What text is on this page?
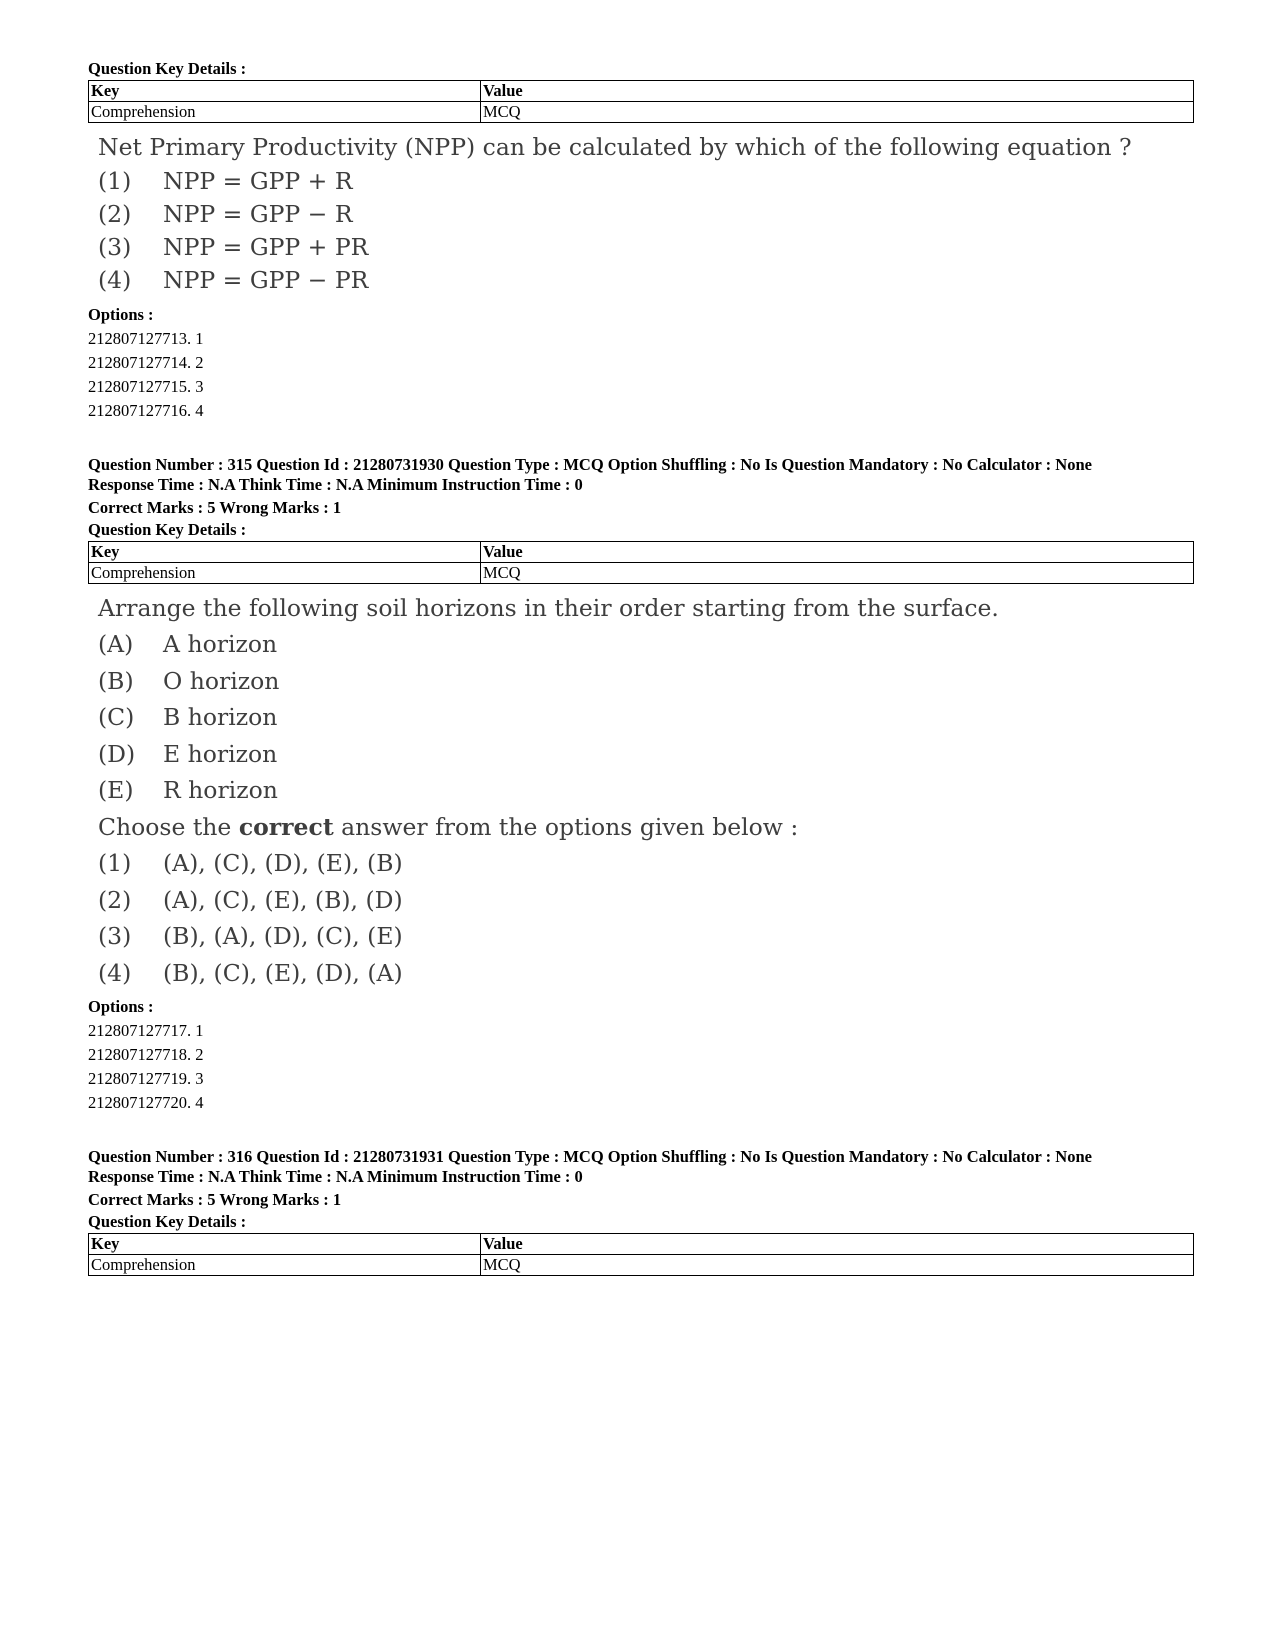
Question Key Details :
Key	Value
Comprehension	MCQ
Net Primary Productivity (NPP) can be calculated by which of the following equation ?
(1)	NPP = GPP + R
(2)	NPP = GPP − R
(3)	NPP = GPP + PR
(4)	NPP = GPP − PR
Options :
212807127713. 1
212807127714. 2
212807127715. 3
212807127716. 4
Question Number : 315 Question Id : 21280731930 Question Type : MCQ Option Shuffling : No Is Question Mandatory : No Calculator : None
Response Time : N.A Think Time : N.A Minimum Instruction Time : 0
Correct Marks : 5 Wrong Marks : 1
Question Key Details :
Key	Value
Comprehension	MCQ
Arrange the following soil horizons in their order starting from the surface.
(A)	A horizon
(B)	O horizon
(C)	B horizon
(D)	E horizon
(E)	R horizon
Choose the correct answer from the options given below :
(1)	(A), (C), (D), (E), (B)
(2)	(A), (C), (E), (B), (D)
(3)	(B), (A), (D), (C), (E)
(4)	(B), (C), (E), (D), (A)
Options :
212807127717. 1
212807127718. 2
212807127719. 3
212807127720. 4
Question Number : 316 Question Id : 21280731931 Question Type : MCQ Option Shuffling : No Is Question Mandatory : No Calculator : None
Response Time : N.A Think Time : N.A Minimum Instruction Time : 0
Correct Marks : 5 Wrong Marks : 1
Question Key Details :
Key	Value
Comprehension	MCQ
